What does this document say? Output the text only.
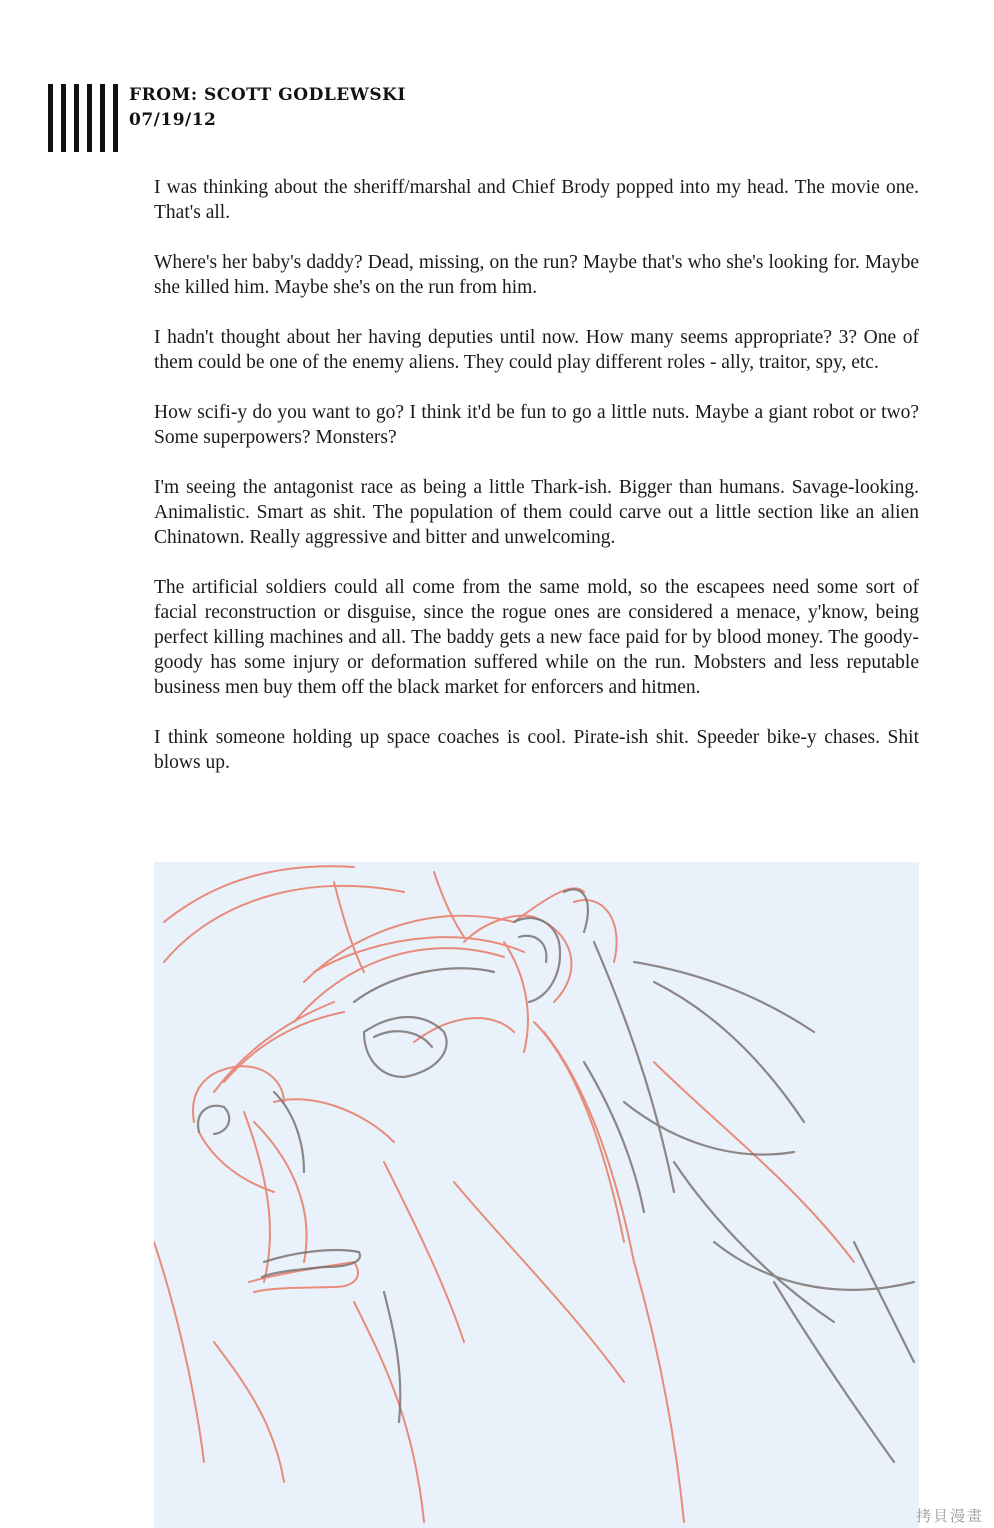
FROM: SCOTT GODLEWSKI
07/19/12

I was thinking about the sheriff/marshal and Chief Brody popped into my head. The movie one. That's all.

Where's her baby's daddy? Dead, missing, on the run? Maybe that's who she's looking for. Maybe she killed him. Maybe she's on the run from him.

I hadn't thought about her having deputies until now. How many seems appropriate? 3? One of them could be one of the enemy aliens. They could play different roles - ally, traitor, spy, etc.

How scifi-y do you want to go? I think it'd be fun to go a little nuts. Maybe a giant robot or two? Some superpowers? Monsters?

I'm seeing the antagonist race as being a little Thark-ish. Bigger than humans. Savage-looking. Animalistic. Smart as shit. The population of them could carve out a little section like an alien Chinatown. Really aggressive and bitter and unwelcoming.

The artificial soldiers could all come from the same mold, so the escapees need some sort of facial reconstruction or disguise, since the rogue ones are considered a menace, y'know, being perfect killing machines and all. The baddy gets a new face paid for by blood money. The goody-goody has some injury or deformation suffered while on the run. Mobsters and less reputable business men buy them off the black market for enforcers and hitmen.

I think someone holding up space coaches is cool. Pirate-ish shit. Speeder bike-y chases. Shit blows up.

拷貝漫畫
